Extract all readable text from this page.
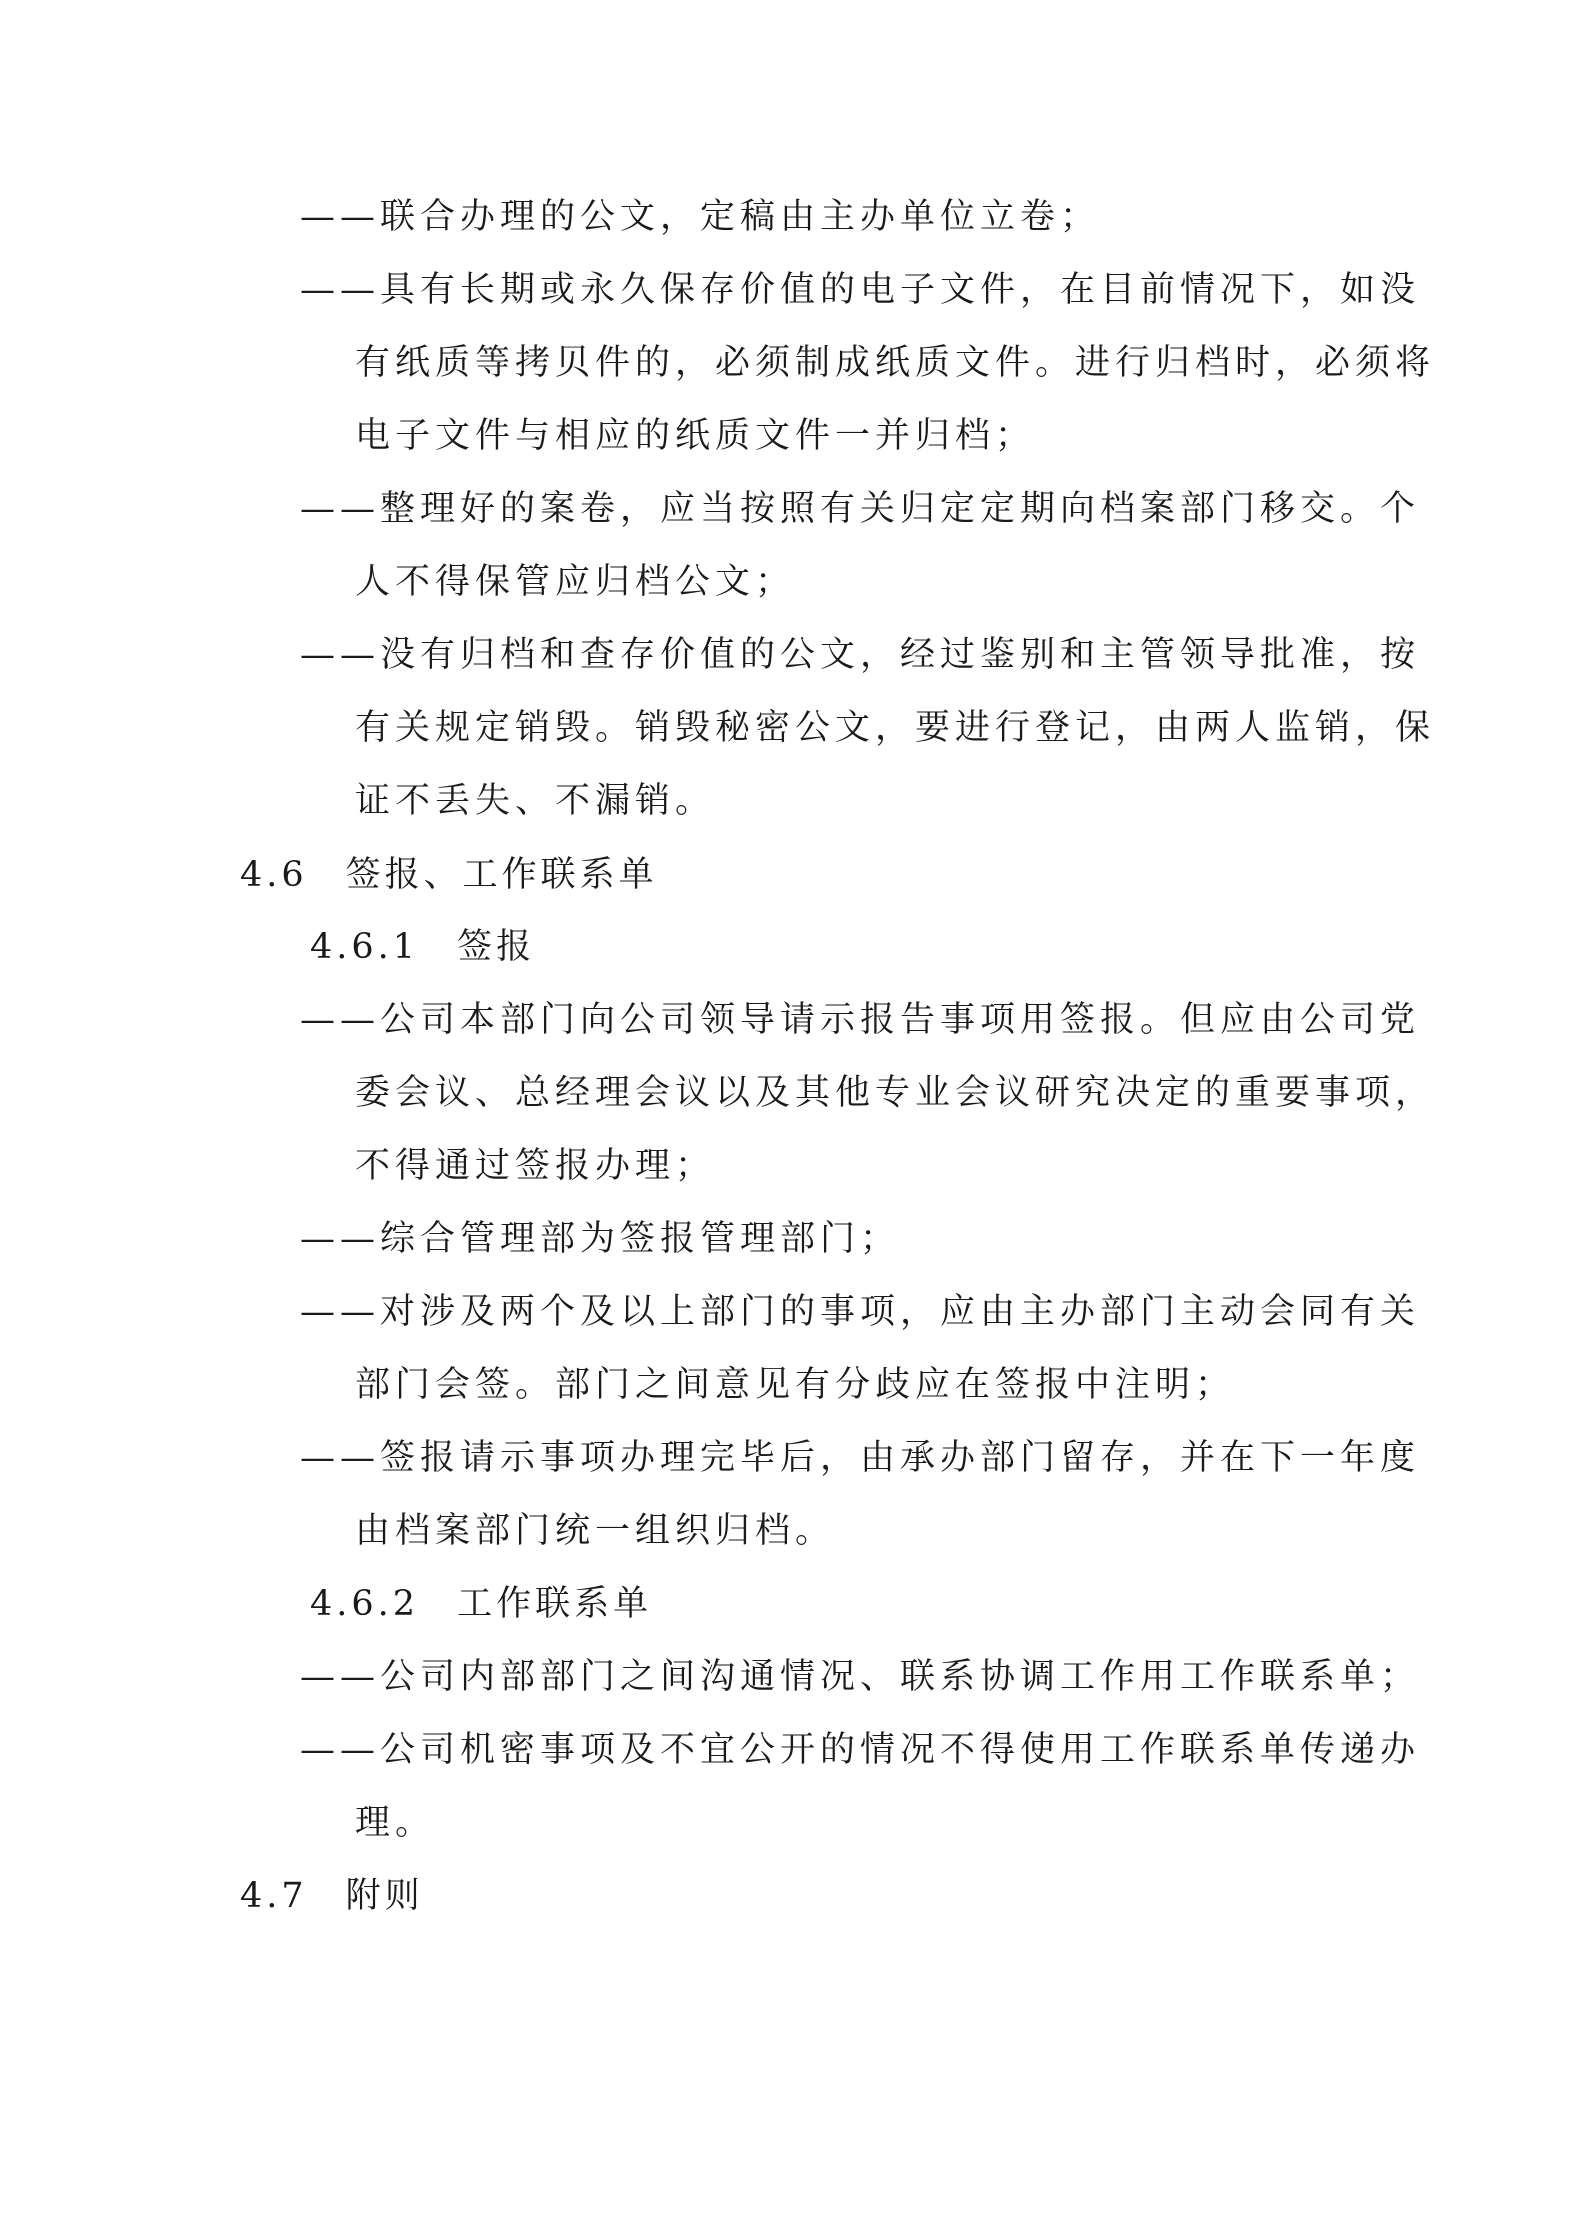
——联合办理的公文，定稿由主办单位立卷；
——具有长期或永久保存价值的电子文件，在目前情况下，如没
有纸质等拷贝件的，必须制成纸质文件。进行归档时，必须将
电子文件与相应的纸质文件一并归档；
——整理好的案卷，应当按照有关归定定期向档案部门移交。个
人不得保管应归档公文；
——没有归档和查存价值的公文，经过鉴别和主管领导批准，按
有关规定销毁。销毁秘密公文，要进行登记，由两人监销，保
证不丢失、不漏销。
4.6 签报、工作联系单
4.6.1 签报
——公司本部门向公司领导请示报告事项用签报。但应由公司党
委会议、总经理会议以及其他专业会议研究决定的重要事项，
不得通过签报办理；
——综合管理部为签报管理部门；
——对涉及两个及以上部门的事项，应由主办部门主动会同有关
部门会签。部门之间意见有分歧应在签报中注明；
——签报请示事项办理完毕后，由承办部门留存，并在下一年度
由档案部门统一组织归档。
4.6.2 工作联系单
——公司内部部门之间沟通情况、联系协调工作用工作联系单；
——公司机密事项及不宜公开的情况不得使用工作联系单传递办
理。
4.7 附则
